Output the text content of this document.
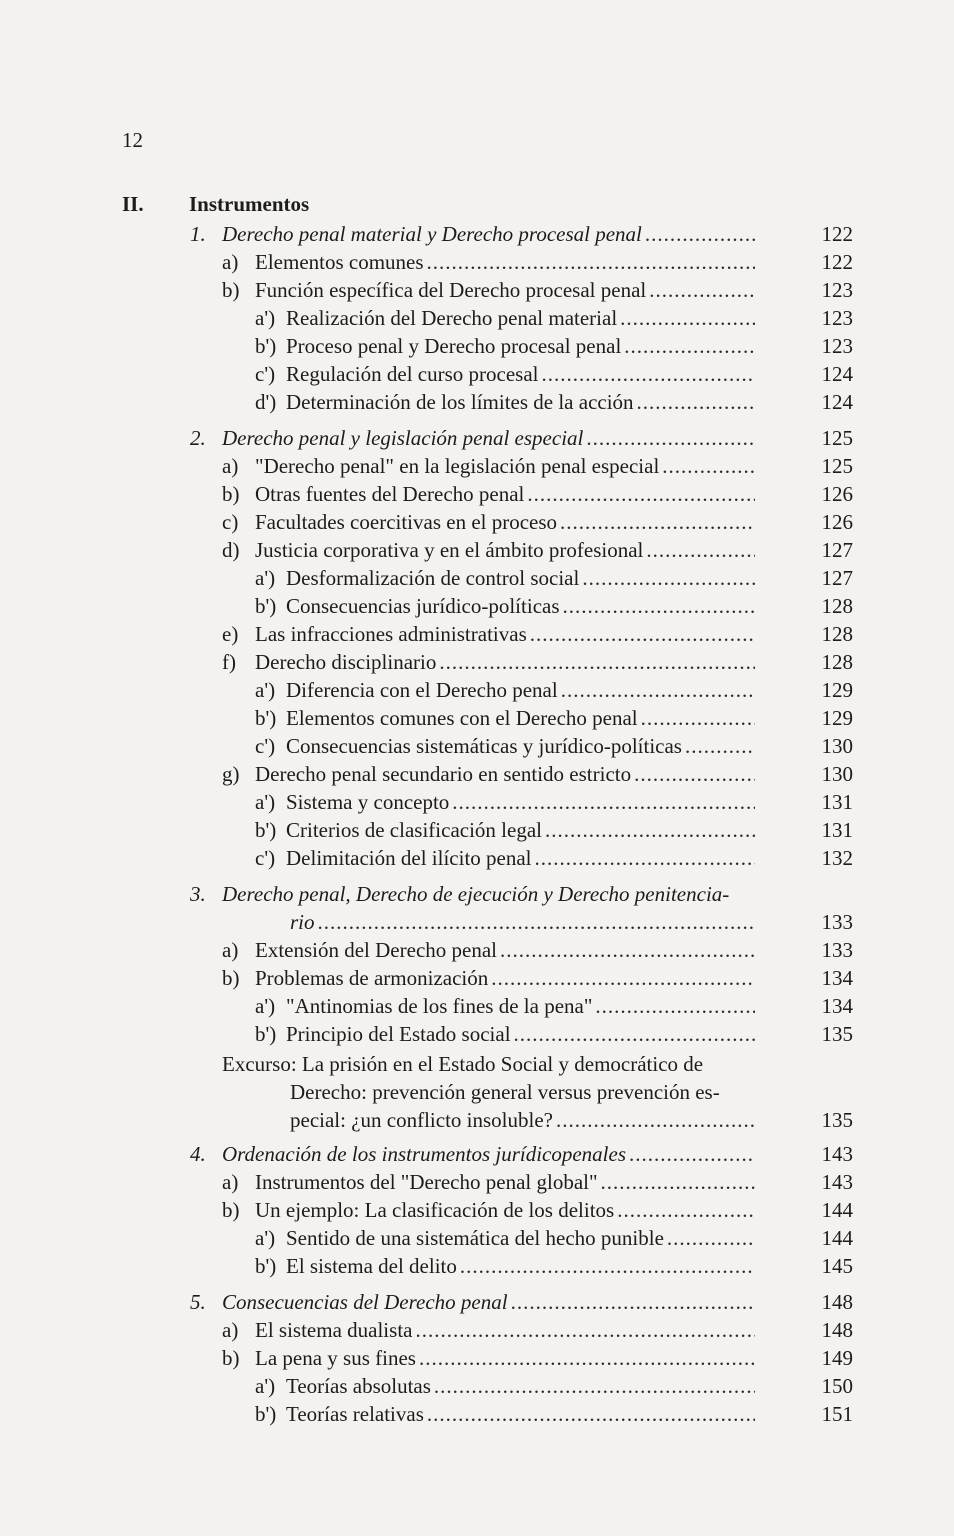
12
II. Instrumentos
1. Derecho penal material y Derecho procesal penal .....	122
a) Elementos comunes .....	122
b) Función específica del Derecho procesal penal .....	123
a') Realización del Derecho penal material .....	123
b') Proceso penal y Derecho procesal penal .....	123
c') Regulación del curso procesal .....	124
d') Determinación de los límites de la acción .....	124
2. Derecho penal y legislación penal especial .....	125
a) "Derecho penal" en la legislación penal especial .....	125
b) Otras fuentes del Derecho penal .....	126
c) Facultades coercitivas en el proceso .....	126
d) Justicia corporativa y en el ámbito profesional .....	127
a') Desformalización de control social .....	127
b') Consecuencias jurídico-políticas .....	128
e) Las infracciones administrativas .....	128
f) Derecho disciplinario .....	128
a') Diferencia con el Derecho penal .....	129
b') Elementos comunes con el Derecho penal .....	129
c') Consecuencias sistemáticas y jurídico-políticas .....	130
g) Derecho penal secundario en sentido estricto .....	130
a') Sistema y concepto .....	131
b') Criterios de clasificación legal .....	131
c') Delimitación del ilícito penal .....	132
3. Derecho penal, Derecho de ejecución y Derecho penitencia-
rio .....	133
a) Extensión del Derecho penal .....	133
b) Problemas de armonización .....	134
a') "Antinomias de los fines de la pena" .....	134
b') Principio del Estado social .....	135
Excurso: La prisión en el Estado Social y democrático de
Derecho: prevención general versus prevención es-
pecial: ¿un conflicto insoluble? .....	135
4. Ordenación de los instrumentos jurídicopenales .....	143
a) Instrumentos del "Derecho penal global" .....	143
b) Un ejemplo: La clasificación de los delitos .....	144
a') Sentido de una sistemática del hecho punible .....	144
b') El sistema del delito .....	145
5. Consecuencias del Derecho penal .....	148
a) El sistema dualista .....	148
b) La pena y sus fines .....	149
a') Teorías absolutas .....	150
b') Teorías relativas .....	151
